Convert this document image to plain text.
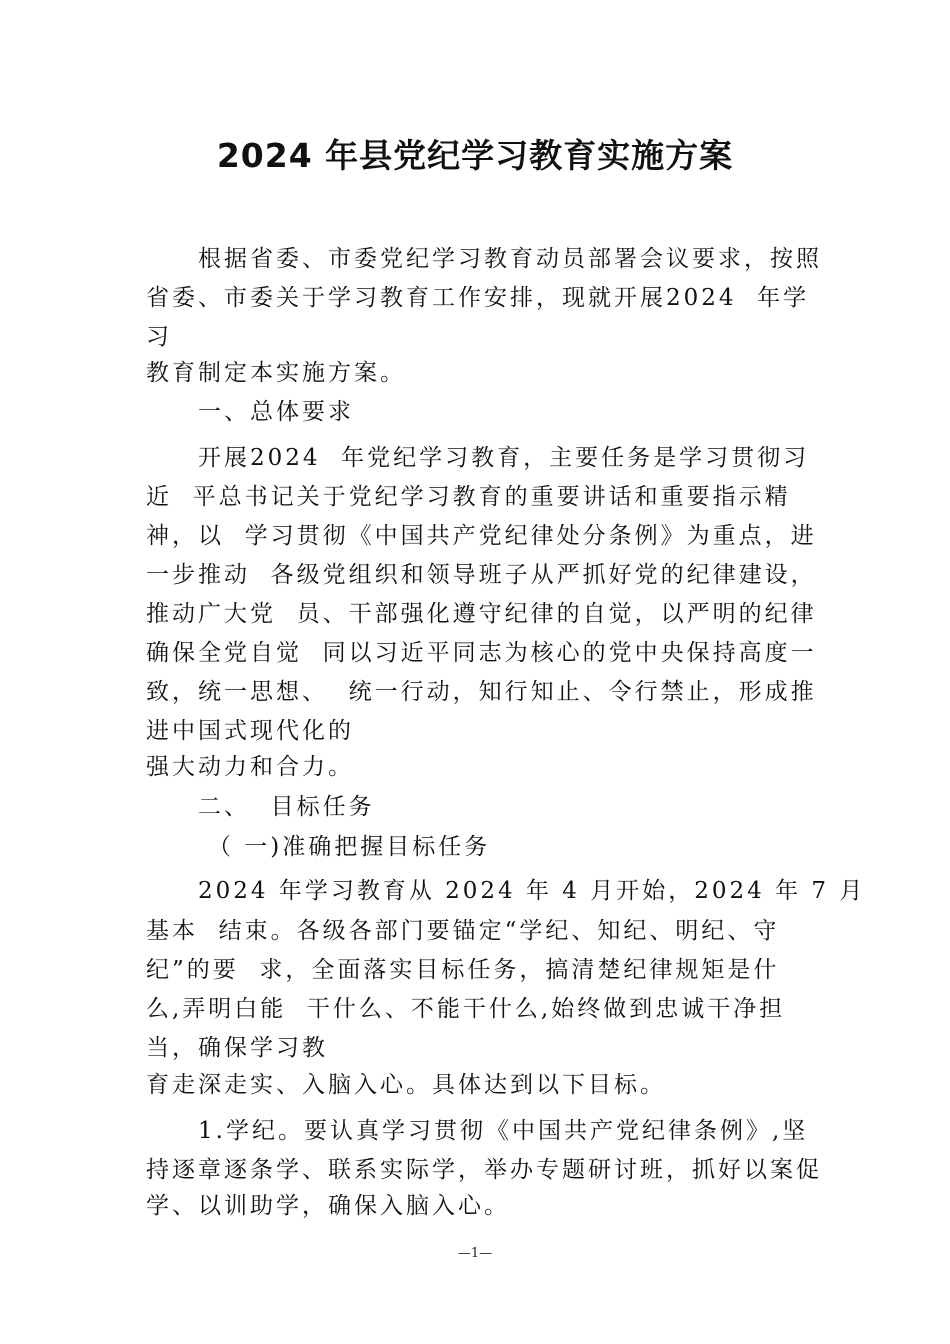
2024 年县党纪学习教育实施方案
根据省委、市委党纪学习教育动员部署会议要求，按照
省委、市委关于学习教育工作安排，现就开展2024  年学
习
教育制定本实施方案。
一、总体要求
开展2024  年党纪学习教育，主要任务是学习贯彻习
近  平总书记关于党纪学习教育的重要讲话和重要指示精
神，以  学习贯彻《中国共产党纪律处分条例》为重点，进
一步推动  各级党组织和领导班子从严抓好党的纪律建设，
推动广大党  员、干部强化遵守纪律的自觉，以严明的纪律
确保全党自觉  同以习近平同志为核心的党中央保持高度一
致，统一思想、  统一行动，知行知止、令行禁止，形成推
进中国式现代化的
强大动力和合力。
二、  目标任务
（ 一)准确把握目标任务
2024 年学习教育从 2024 年 4 月开始，2024 年 7 月
基本  结束。各级各部门要锚定“学纪、知纪、明纪、守
纪”的要  求，全面落实目标任务，搞清楚纪律规矩是什
么,弄明白能  干什么、不能干什么,始终做到忠诚干净担
当，确保学习教
育走深走实、入脑入心。具体达到以下目标。
1.学纪。要认真学习贯彻《中国共产党纪律条例》,坚
持逐章逐条学、联系实际学，举办专题研讨班，抓好以案促
学、以训助学，确保入脑入心。
—1—
